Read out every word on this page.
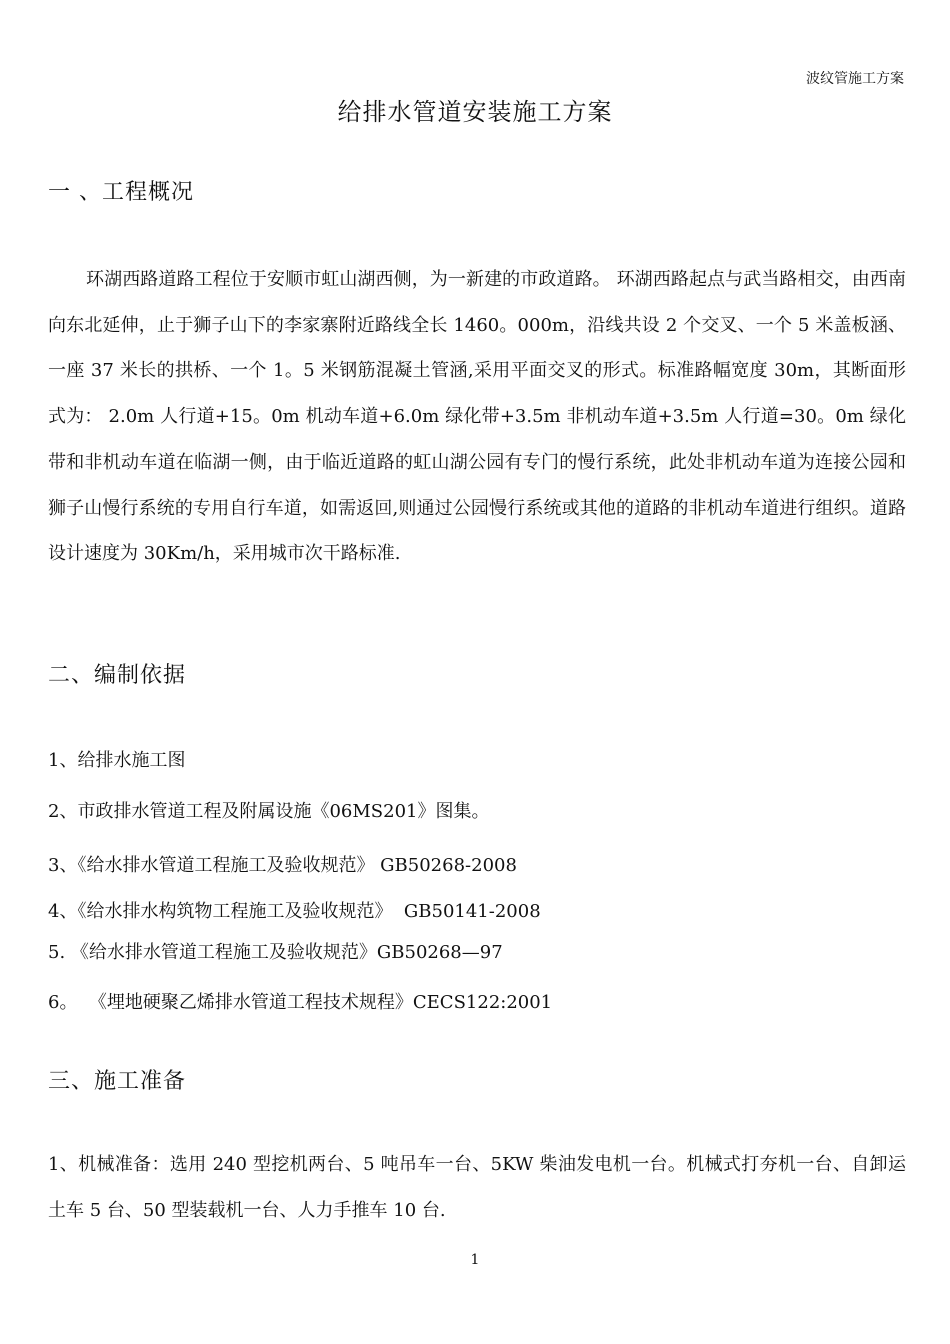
波纹管施工方案
给排水管道安装施工方案
一 、工程概况
环湖西路道路工程位于安顺市虹山湖西侧，为一新建的市政道路。 环湖西路起点与武当路相交，由西南向东北延伸，止于狮子山下的李家寨附近路线全长 1460。000m，沿线共设 2 个交叉、一个 5 米盖板涵、一座 37 米长的拱桥、一个 1。5 米钢筋混凝土管涵,采用平面交叉的形式。标准路幅宽度 30m，其断面形式为： 2.0m 人行道+15。0m 机动车道+6.0m 绿化带+3.5m 非机动车道+3.5m 人行道=30。0m 绿化带和非机动车道在临湖一侧，由于临近道路的虹山湖公园有专门的慢行系统，此处非机动车道为连接公园和狮子山慢行系统的专用自行车道，如需返回,则通过公园慢行系统或其他的道路的非机动车道进行组织。道路设计速度为 30Km/h，采用城市次干路标准.
二、编制依据
1、给排水施工图
2、市政排水管道工程及附属设施《06MS201》图集。
3、《给水排水管道工程施工及验收规范》 GB50268-2008
4、《给水排水构筑物工程施工及验收规范》  GB50141-2008
5. 《给水排水管道工程施工及验收规范》GB50268—97
6。  《埋地硬聚乙烯排水管道工程技术规程》CECS122:2001
三、施工准备
1、机械准备：选用 240 型挖机两台、5 吨吊车一台、5KW 柴油发电机一台。机械式打夯机一台、自卸运土车 5 台、50 型装载机一台、人力手推车 10 台.
1
